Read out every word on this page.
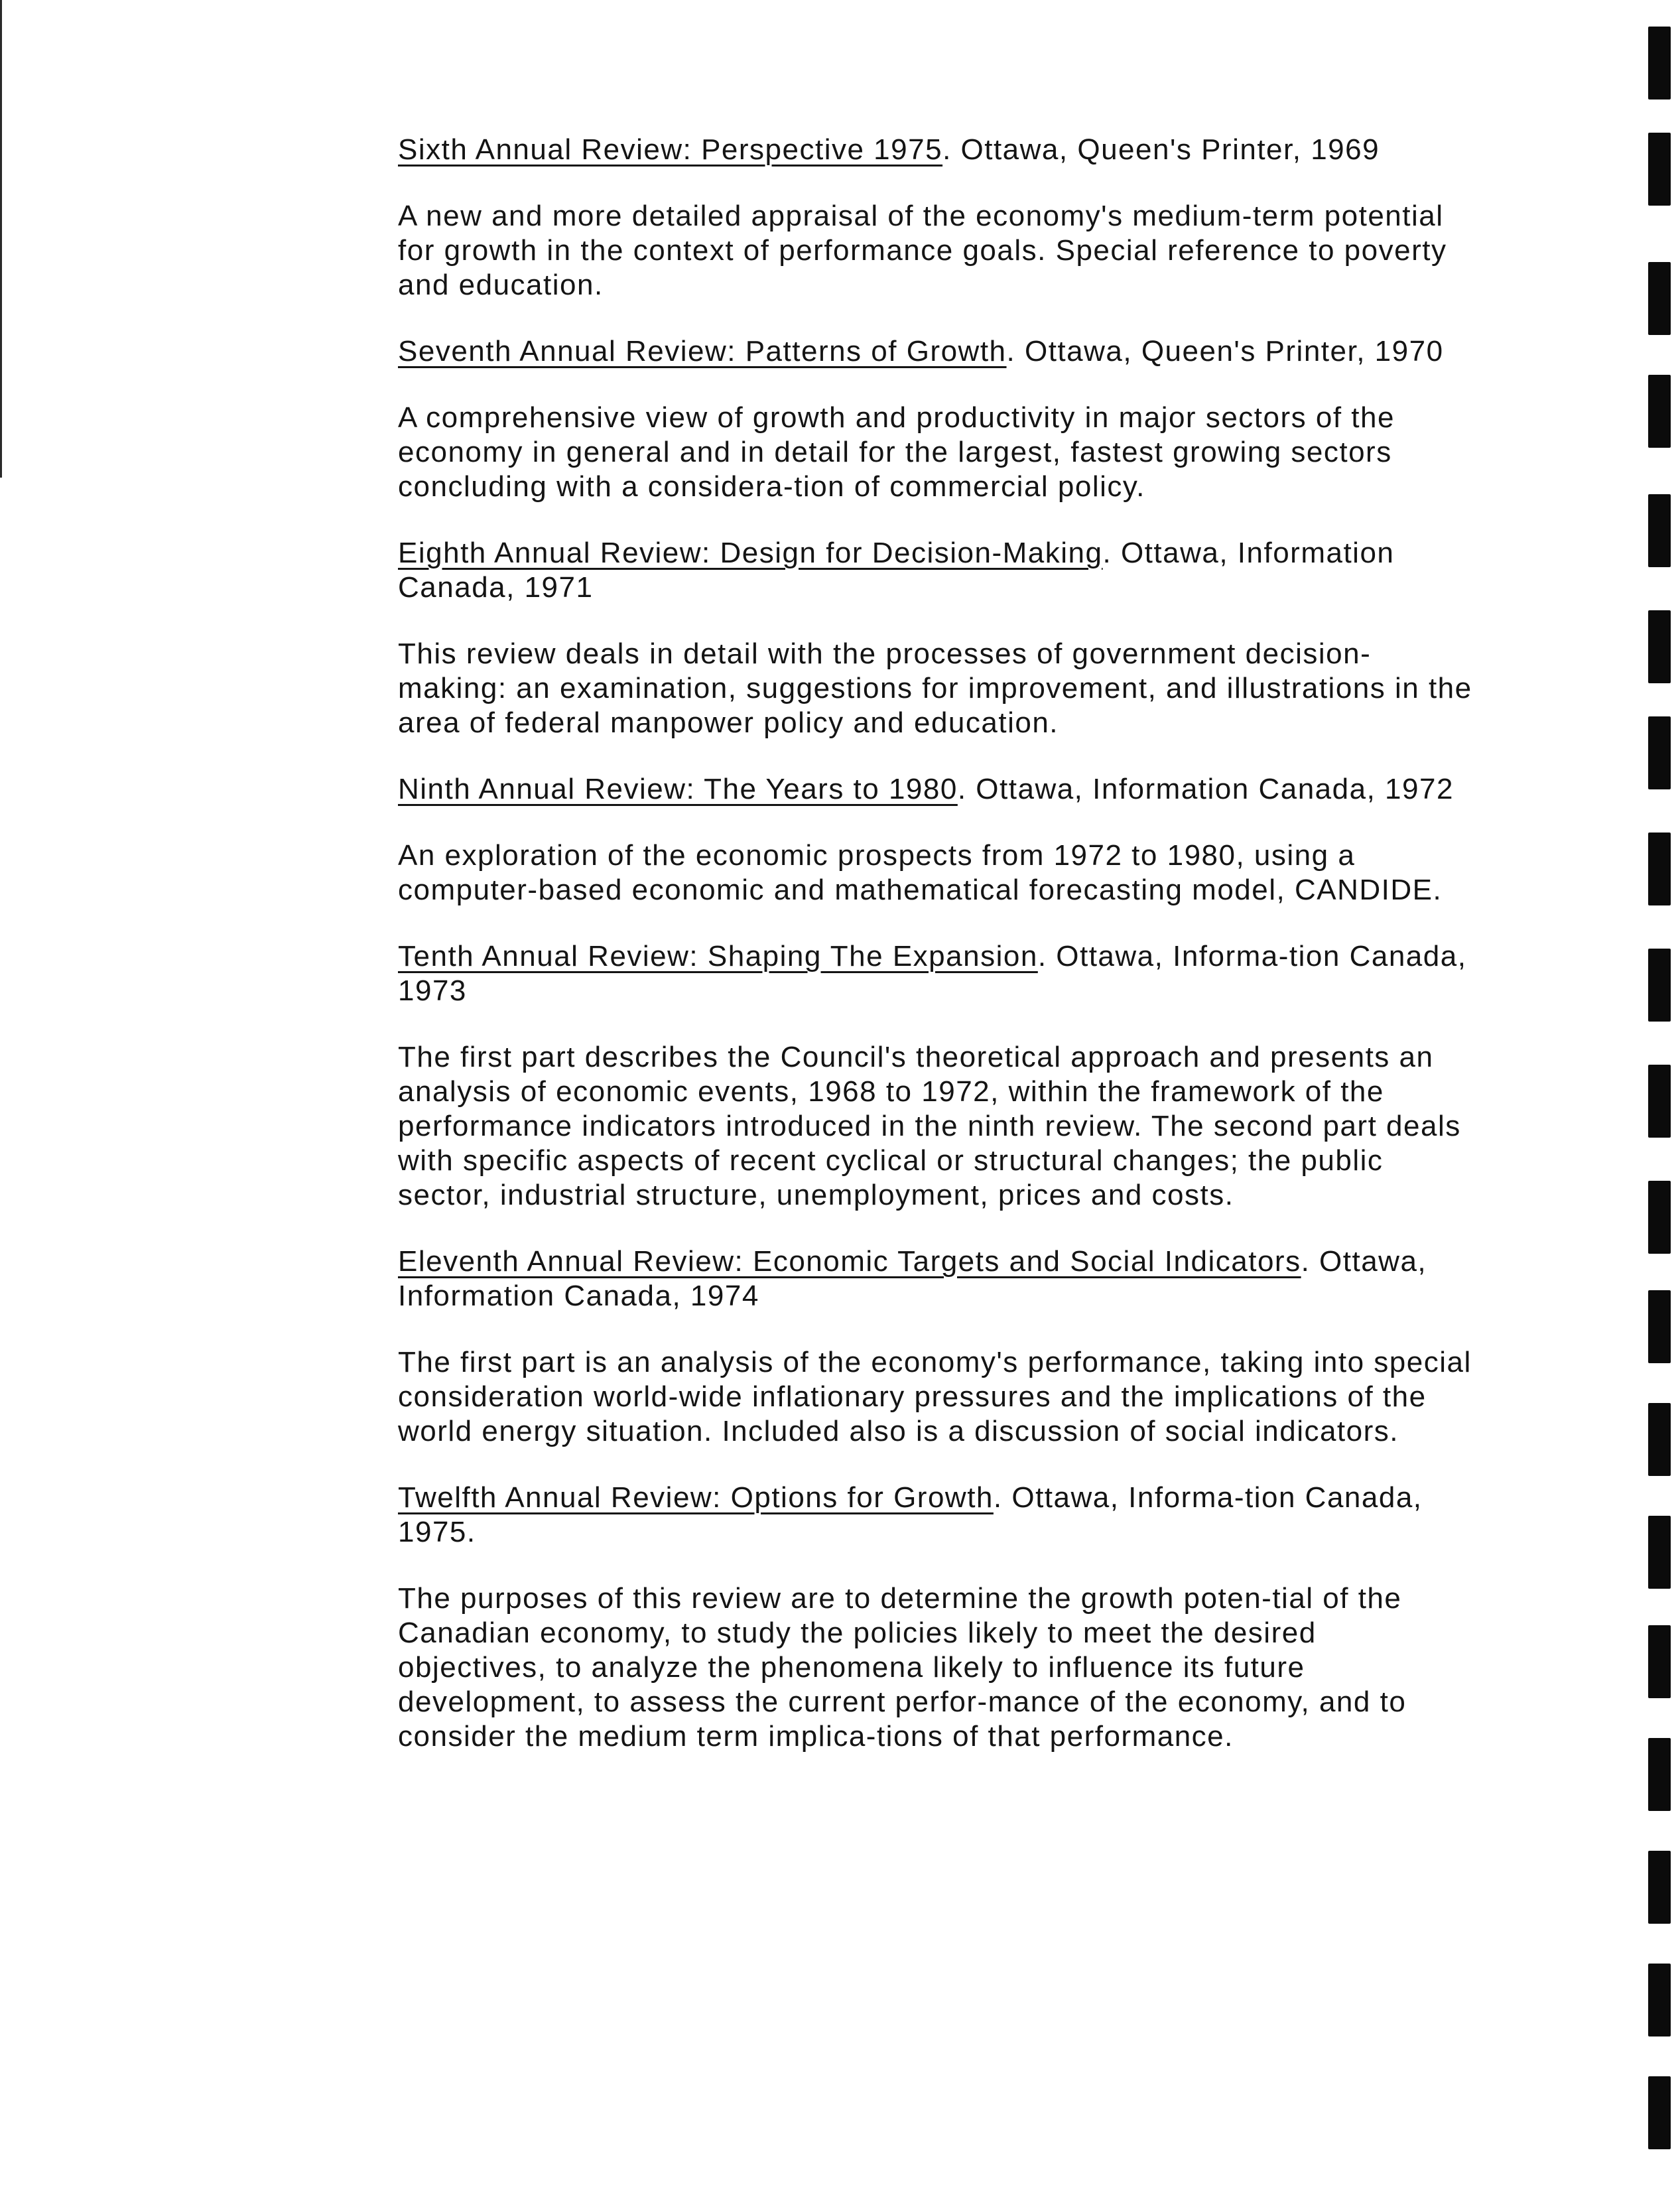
Sixth Annual Review: Perspective 1975. Ottawa, Queen's Printer, 1969

A new and more detailed appraisal of the economy's medium-term potential for growth in the context of performance goals. Special reference to poverty and education.

Seventh Annual Review: Patterns of Growth. Ottawa, Queen's Printer, 1970

A comprehensive view of growth and productivity in major sectors of the economy in general and in detail for the largest, fastest growing sectors concluding with a considera-tion of commercial policy.

Eighth Annual Review: Design for Decision-Making. Ottawa, Information Canada, 1971

This review deals in detail with the processes of government decision-making: an examination, suggestions for improvement, and illustrations in the area of federal manpower policy and education.

Ninth Annual Review: The Years to 1980. Ottawa, Information Canada, 1972

An exploration of the economic prospects from 1972 to 1980, using a computer-based economic and mathematical forecasting model, CANDIDE.

Tenth Annual Review: Shaping The Expansion. Ottawa, Informa-tion Canada, 1973

The first part describes the Council's theoretical approach and presents an analysis of economic events, 1968 to 1972, within the framework of the performance indicators introduced in the ninth review. The second part deals with specific aspects of recent cyclical or structural changes; the public sector, industrial structure, unemployment, prices and costs.

Eleventh Annual Review: Economic Targets and Social Indicators. Ottawa, Information Canada, 1974

The first part is an analysis of the economy's performance, taking into special consideration world-wide inflationary pressures and the implications of the world energy situation. Included also is a discussion of social indicators.

Twelfth Annual Review: Options for Growth. Ottawa, Informa-tion Canada, 1975.

The purposes of this review are to determine the growth poten-tial of the Canadian economy, to study the policies likely to meet the desired objectives, to analyze the phenomena likely to influence its future development, to assess the current perfor-mance of the economy, and to consider the medium term implica-tions of that performance.
